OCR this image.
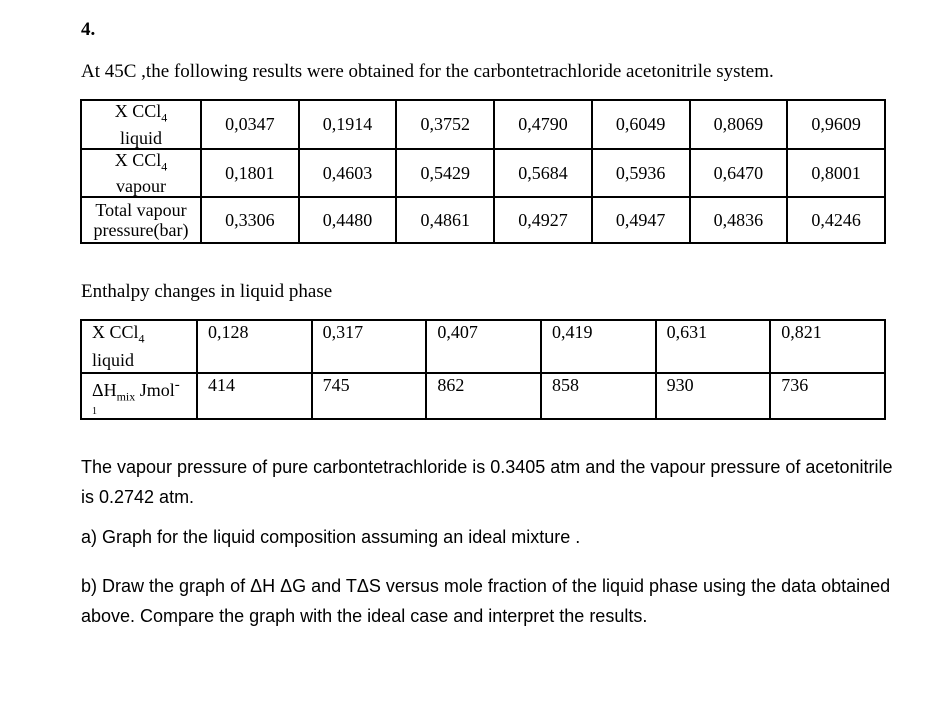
4.
At 45C ,the following results were obtained for the carbontetrachloride acetonitrile system.
X CCl$_4$
liquid	0,0347	0,1914	0,3752	0,4790	0,6049	0,8069	0,9609
X CCl$_4$
vapour	0,1801	0,4603	0,5429	0,5684	0,5936	0,6470	0,8001
Total vapour
pressure(bar)	0,3306	0,4480	0,4861	0,4927	0,4947	0,4836	0,4246
Enthalpy changes in liquid phase
X CCl$_4$
liquid	0,128	0,317	0,407	0,419	0,631	0,821
$\Delta H_{mix}$ Jmol-
1	414	745	862	858	930	736
The vapour pressure of pure carbontetrachloride is 0.3405 atm and the vapour pressure of acetonitrile is 0.2742 atm.
a) Graph for the liquid composition assuming an ideal mixture .
b) Draw the graph of ΔH ΔG and TΔS versus mole fraction of the liquid phase using the data obtained above. Compare the graph with the ideal case and interpret the results.
